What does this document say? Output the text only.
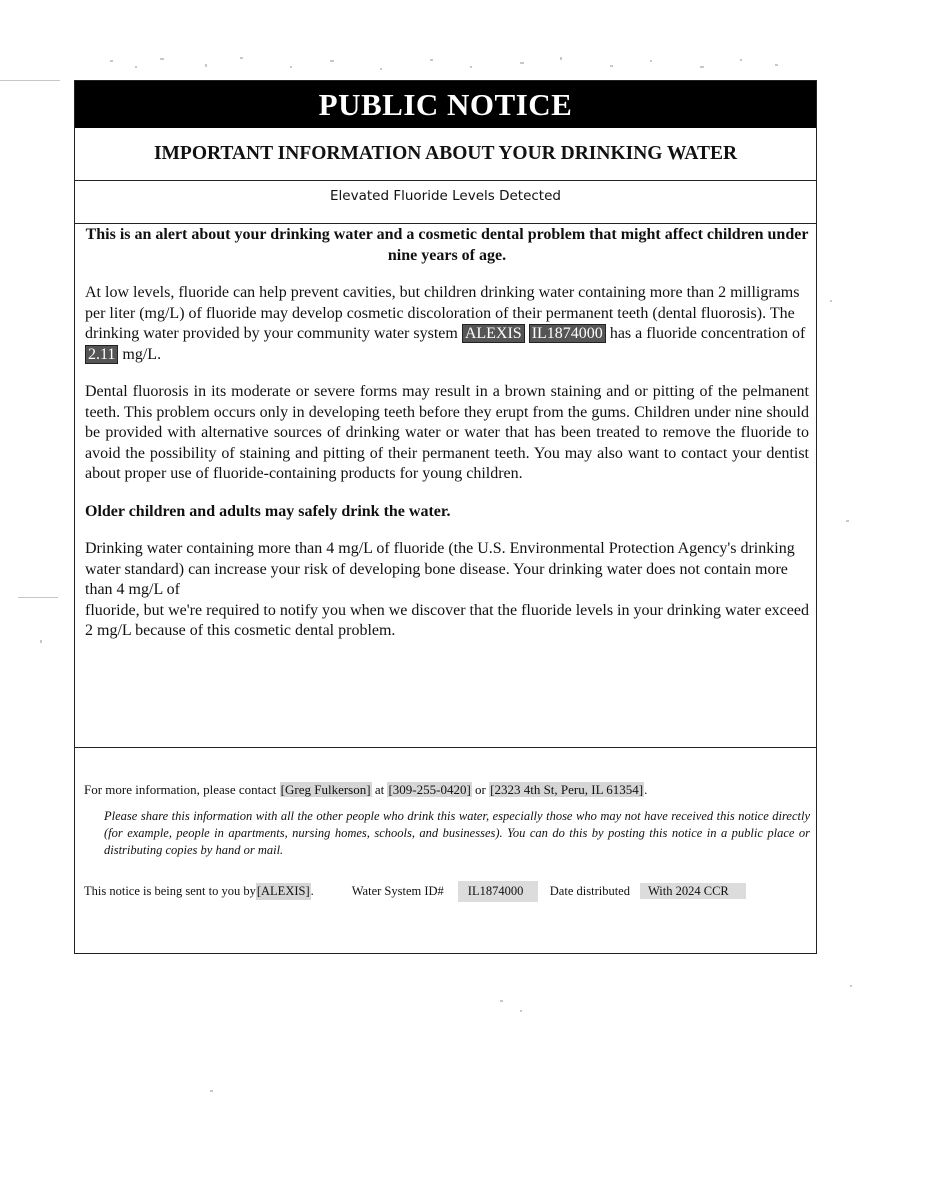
PUBLIC NOTICE
IMPORTANT INFORMATION ABOUT YOUR DRINKING WATER
Elevated Fluoride Levels Detected

This is an alert about your drinking water and a cosmetic dental problem that might affect children under nine years of age.

At low levels, fluoride can help prevent cavities, but children drinking water containing more than 2 milligrams per liter (mg/L) of fluoride may develop cosmetic discoloration of their permanent teeth (dental fluorosis). The drinking water provided by your community water system ALEXIS IL1874000 has a fluoride concentration of 2.11 mg/L.

Dental fluorosis in its moderate or severe forms may result in a brown staining and or pitting of the pelmanent teeth. This problem occurs only in developing teeth before they erupt from the gums. Children under nine should be provided with alternative sources of drinking water or water that has been treated to remove the fluoride to avoid the possibility of staining and pitting of their permanent teeth. You may also want to contact your dentist about proper use of fluoride-containing products for young children.

Older children and adults may safely drink the water.

Drinking water containing more than 4 mg/L of fluoride (the U.S. Environmental Protection Agency's drinking water standard) can increase your risk of developing bone disease. Your drinking water does not contain more than 4 mg/L of
fluoride, but we're required to notify you when we discover that the fluoride levels in your drinking water exceed 2 mg/L because of this cosmetic dental problem.

For more information, please contact [Greg Fulkerson] at [309-255-0420] or [2323 4th St, Peru, IL 61354].

Please share this information with all the other people who drink this water, especially those who may not have received this notice directly (for example, people in apartments, nursing homes, schools, and businesses). You can do this by posting this notice in a public place or distributing copies by hand or mail.

This notice is being sent to you by [ALEXIS] .	Water System ID#	IL1874000	Date distributed	With 2024 CCR
